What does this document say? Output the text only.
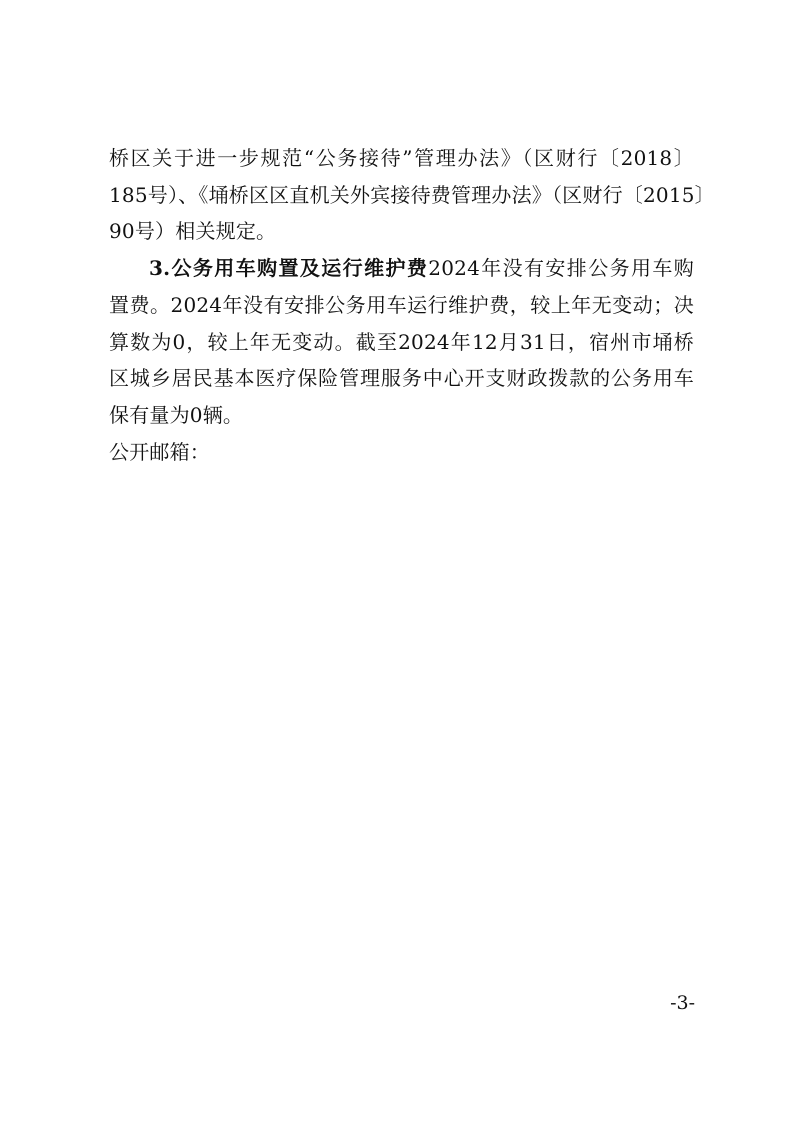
桥区关于进一步规范“公务接待”管理办法》（区财行〔2018〕
185号）、《埇桥区区直机关外宾接待费管理办法》（区财行〔2015〕
90号）相关规定。
3.公务用车购置及运行维护费2024年没有安排公务用车购
置费。2024年没有安排公务用车运行维护费，较上年无变动；决
算数为0，较上年无变动。截至2024年12月31日，宿州市埇桥
区城乡居民基本医疗保险管理服务中心开支财政拨款的公务用车
保有量为0辆。
公开邮箱：
-3-
